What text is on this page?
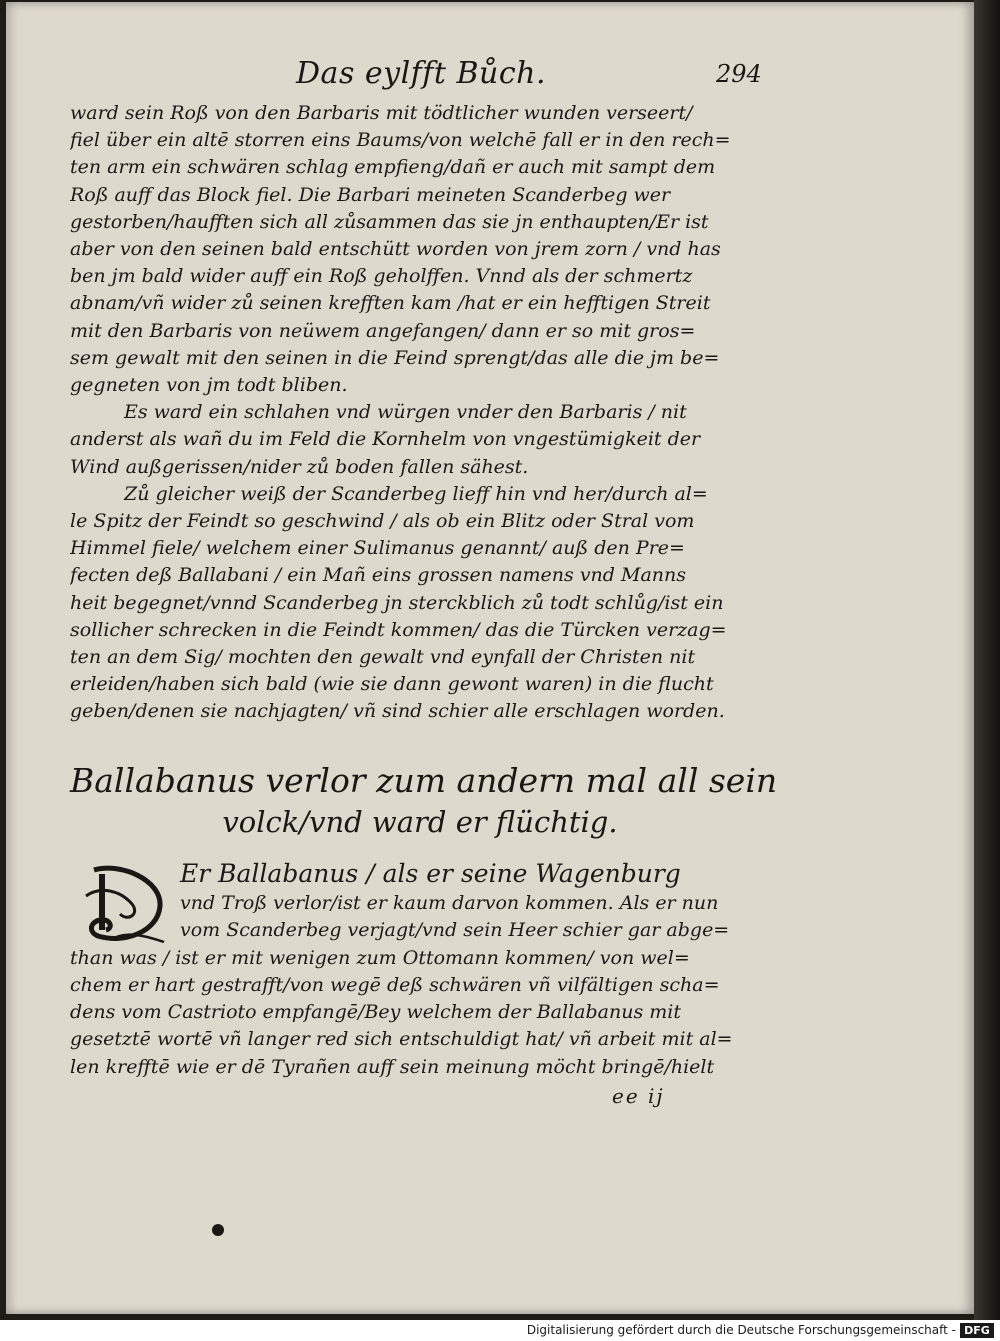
Das eylfft Bůch.	294
ward sein Roß von den Barbaris mit tödtlicher wunden verseert/
fiel über ein altē storren eins Baums/von welchē fall er in den rech=
ten arm ein schwären schlag empfieng/dañ er auch mit sampt dem
Roß auff das Block fiel. Die Barbari meineten Scanderbeg wer
gestorben/haufften sich all zůsammen das sie jn enthaupten/Er ist
aber von den seinen bald entschütt worden von jrem zorn / vnd has
ben jm bald wider auff ein Roß geholffen. Vnnd als der schmertz
abnam/vñ wider zů seinen krefften kam /hat er ein hefftigen Streit
mit den Barbaris von neüwem angefangen/ dann er so mit gros=
sem gewalt mit den seinen in die Feind sprengt/das alle die jm be=
gegneten von jm todt bliben.
Es ward ein schlahen vnd würgen vnder den Barbaris / nit
anderst als wañ du im Feld die Kornhelm von vngestümigkeit der
Wind außgerissen/nider zů boden fallen sähest.
Zů gleicher weiß der Scanderbeg lieff hin vnd her/durch al=
le Spitz der Feindt so geschwind / als ob ein Blitz oder Stral vom
Himmel fiele/ welchem einer Sulimanus genannt/ auß den Pre=
fecten deß Ballabani / ein Mañ eins grossen namens vnd Manns
heit begegnet/vnnd Scanderbeg jn sterckblich zů todt schlůg/ist ein
sollicher schrecken in die Feindt kommen/ das die Türcken verzag=
ten an dem Sig/ mochten den gewalt vnd eynfall der Christen nit
erleiden/haben sich bald (wie sie dann gewont waren) in die flucht
geben/denen sie nachjagten/ vñ sind schier alle erschlagen worden.
Ballabanus verlor zum andern mal all sein
volck/vnd ward er flüchtig.
Er Ballabanus / als er seine Wagenburg
vnd Troß verlor/ist er kaum darvon kommen. Als er nun
vom Scanderbeg verjagt/vnd sein Heer schier gar abge=
than was / ist er mit wenigen zum Ottomann kommen/ von wel=
chem er hart gestrafft/von wegē deß schwären vñ vilfältigen scha=
dens vom Castrioto empfangē/Bey welchem der Ballabanus mit
gesetztē wortē vñ langer red sich entschuldigt hat/ vñ arbeit mit al=
len krefftē wie er dē Tyrañen auff sein meinung möcht bringē/hielt
ee ij
Digitalisierung gefördert durch die Deutsche Forschungsgemeinschaft - DFG
